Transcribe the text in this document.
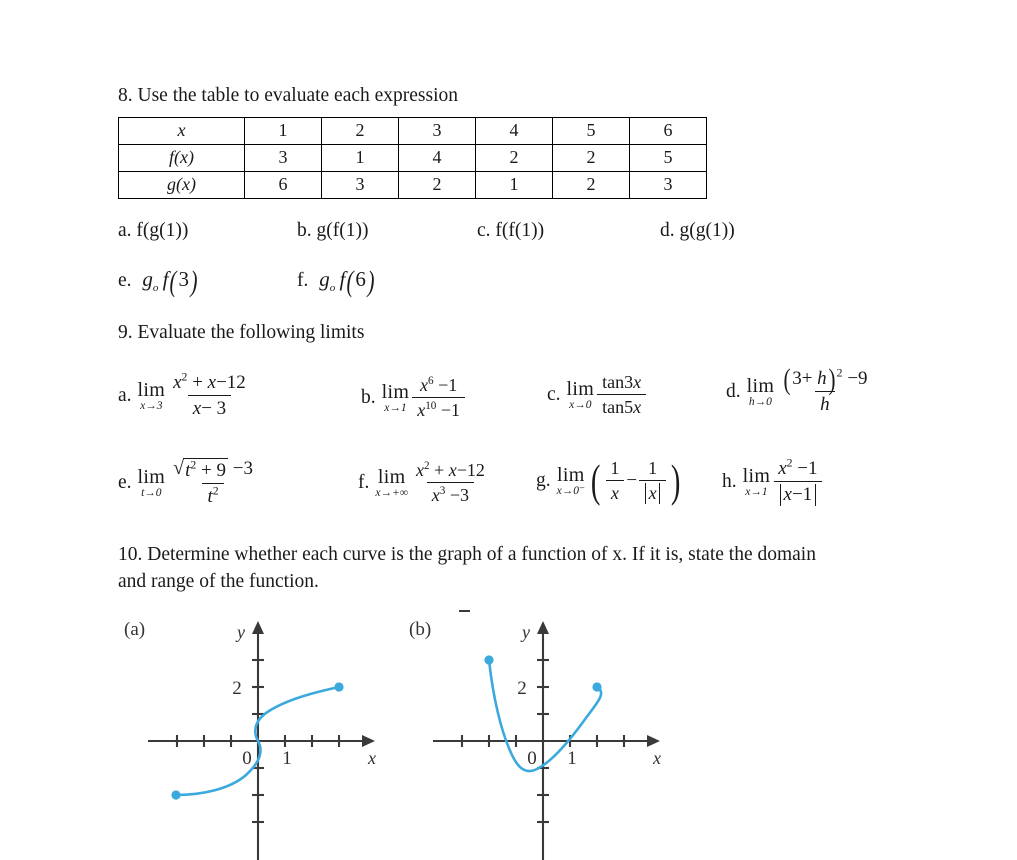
8. Use the table to evaluate each expression
x	1	2	3	4	5	6
f(x)	3	1	4	2	2	5
g(x)	6	3	2	1	2	3
a. f(g(1))	b. g(f(1))	c. f(f(1))	d. g(g(1))
e. $g_o$  f(3)	f. $g_o$  f(6)
9. Evaluate the following limits
a. lim
$x\to 3 \frac{x^2 + x-12}{x- 3}$	b. lim
$x\to 1 \frac{x^6 -1}{x^{10} -1}$	c. lim
$x\to 0 \frac{\tan 3x}{\tan 5x}$	d. lim
$h\to 0 \frac{(3+ h) ^2 -9}{h}$
e. lim
$t\to 0 \frac{√ t^2 + 9 -3}{t^2}$	f. lim
$x\to+\infty \frac{x^2 + x-12}{x^3 -3} g$. lim
x→0⁻ ( $\frac{1}{x} - \frac{1}{x}$ ) h. lim
$x\to 1 \frac{x^2 -1}{x-1}$
10. Determine whether each curve is the graph of a function of x. If it is, state the domain
and range of the function.
(a)
2
0 1	x
y	(b)
2
0 1	x
y
